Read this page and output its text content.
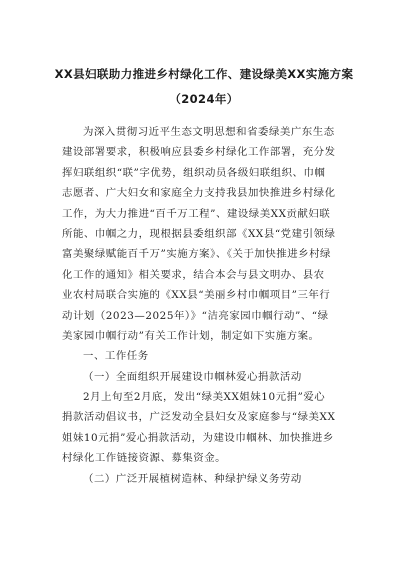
XX县妇联助力推进乡村绿化工作、建设绿美XX实施方案
（2024年）
为深入贯彻习近平生态文明思想和省委绿美广东生态
建设部署要求，积极响应县委乡村绿化工作部署，充分发
挥妇联组织“联”字优势，组织动员各级妇联组织、巾帼
志愿者、广大妇女和家庭全力支持我县加快推进乡村绿化
工作，为大力推进“百千万工程”、建设绿美XX贡献妇联
所能、巾帼之力，现根据县委组织部《XX县“党建引领绿
富美聚绿赋能百千万”实施方案》、《关于加快推进乡村绿
化工作的通知》相关要求，结合本会与县文明办、县农
业农村局联合实施的《XX县“美丽乡村巾帼项目”三年行
动计划（2023—2025年）》“洁亮家园巾帼行动”、“绿
美家园巾帼行动”有关工作计划，制定如下实施方案。
一、工作任务
（一）全面组织开展建设巾帼林爱心捐款活动
2月上旬至2月底，发出“绿美XX姐妹10元捐”爱心
捐款活动倡议书，广泛发动全县妇女及家庭参与“绿美XX
姐妹10元捐”爱心捐款活动，为建设巾帼林、加快推进乡
村绿化工作链接资源、募集资金。
（二）广泛开展植树造林、种绿护绿义务劳动
